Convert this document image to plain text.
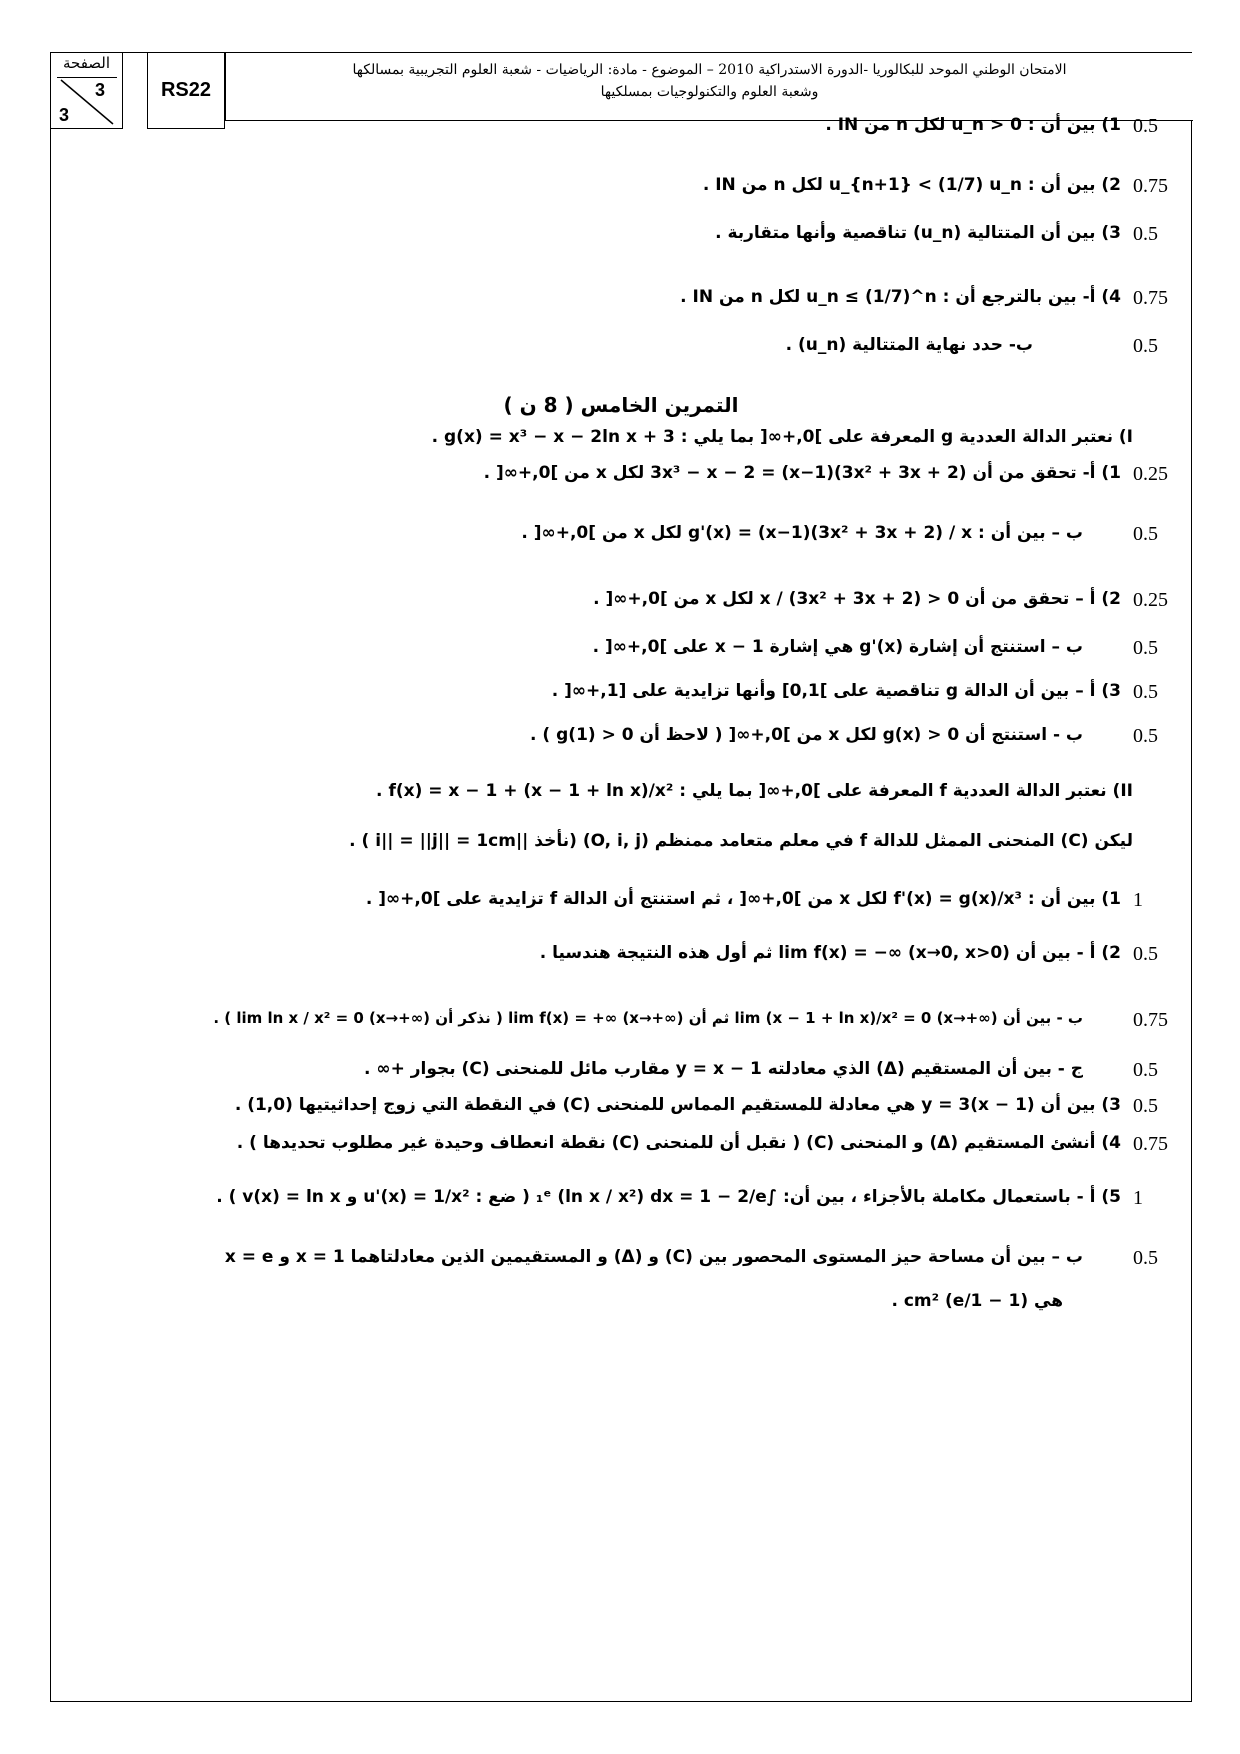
الصفحة
3
3
RS22
الامتحان الوطني الموحد للبكالوريا -الدورة الاستدراكية 2010 – الموضوع - مادة: الرياضيات - شعبة العلوم التجريبية بمسالكها
وشعبة العلوم والتكنولوجيات بمسلكيها
0.5
1) بين أن : u_n > 0 لكل n من IN .
0.75
2) بين أن : u_{n+1} < (1/7) u_n لكل n من IN .
0.5
3) بين أن المتتالية (u_n) تناقصية وأنها متقاربة .
0.75
4) أ- بين بالترجع أن : u_n ≤ (1/7)^n لكل n من IN .
0.5
ب- حدد نهاية المتتالية (u_n) .
التمرين الخامس ( 8 ن )
I) نعتبر الدالة العددية g المعرفة على ]0,+∞[ بما يلي : g(x) = x³ − x − 2ln x + 3 .
0.25
1) أ- تحقق من أن 3x³ − x − 2 = (x−1)(3x² + 3x + 2) لكل x من ]0,+∞[ .
0.5
ب – بين أن : g'(x) = (x−1)(3x² + 3x + 2) / x لكل x من ]0,+∞[ .
0.25
2) أ – تحقق من أن 0 < (3x² + 3x + 2) / x لكل x من ]0,+∞[ .
0.5
ب – استنتج أن إشارة g'(x) هي إشارة x − 1 على ]0,+∞[ .
0.5
3) أ – بين أن الدالة g تناقصية على ]0,1] وأنها تزايدية على [1,+∞[ .
0.5
ب - استنتج أن g(x) > 0 لكل x من ]0,+∞[ ( لاحظ أن g(1) > 0 ) .
II) نعتبر الدالة العددية f المعرفة على ]0,+∞[ بما يلي : f(x) = x − 1 + (x − 1 + ln x)/x² .
ليكن (C) المنحنى الممثل للدالة f في معلم متعامد ممنظم (O, i, j) (نأخذ ||i|| = ||j|| = 1cm ) .
1
1) بين أن : f'(x) = g(x)/x³ لكل x من ]0,+∞[ ، ثم استنتج أن الدالة f تزايدية على ]0,+∞[ .
0.5
2) أ - بين أن lim f(x) = −∞ (x→0, x>0) ثم أول هذه النتيجة هندسيا .
0.75
ب - بين أن lim (x − 1 + ln x)/x² = 0 (x→+∞) ثم أن lim f(x) = +∞ (x→+∞) ( نذكر أن lim ln x / x² = 0 (x→+∞) ) .
0.5
ج - بين أن المستقيم (Δ) الذي معادلته y = x − 1 مقارب مائل للمنحنى (C) بجوار +∞ .
0.5
3) بين أن y = 3(x − 1) هي معادلة للمستقيم المماس للمنحنى (C) في النقطة التي زوج إحداثيتيها (1,0) .
0.75
4) أنشئ المستقيم (Δ) و المنحنى (C) ( نقبل أن للمنحنى (C) نقطة انعطاف وحيدة غير مطلوب تحديدها ) .
1
5) أ - باستعمال مكاملة بالأجزاء ، بين أن: ∫₁ᵉ (ln x / x²) dx = 1 − 2/e ( ضع : u'(x) = 1/x² و v(x) = ln x ) .
0.5
ب – بين أن مساحة حيز المستوى المحصور بين (C) و (Δ) و المستقيمين الذين معادلتاهما x = 1 و x = e
هي (1 − 1/e) cm² .
